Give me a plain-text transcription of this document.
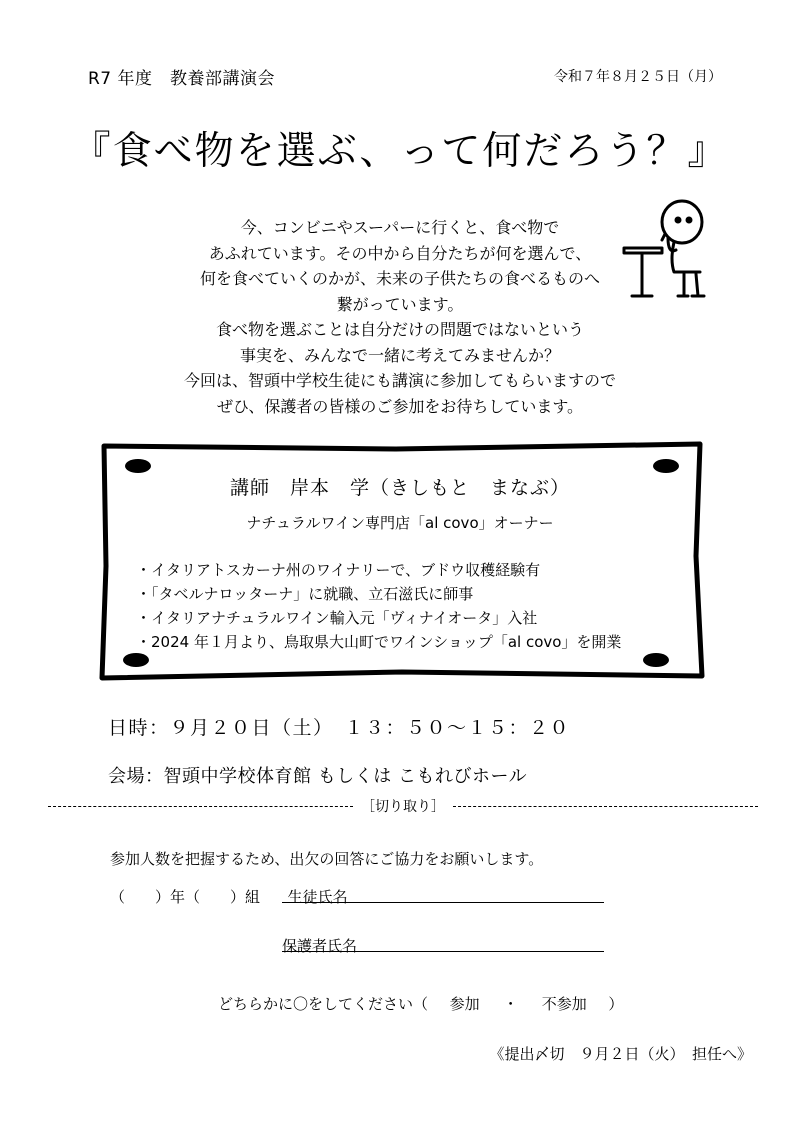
R7 年度　教養部講演会	令和７年８月２５日（月）
『食べ物を選ぶ、って何だろう？』
今、コンビニやスーパーに行くと、食べ物で
あふれています。その中から自分たちが何を選んで、
何を食べていくのかが、未来の子供たちの食べるものへ
繋がっています。
食べ物を選ぶことは自分だけの問題ではないという
事実を、みんなで一緒に考えてみませんか？
今回は、智頭中学校生徒にも講演に参加してもらいますので
ぜひ、保護者の皆様のご参加をお待ちしています。
講師　岸本　学（きしもと　まなぶ）
ナチュラルワイン専門店「al covo」オーナー
・イタリアトスカーナ州のワイナリーで、ブドウ収穫経験有
・「タベルナロッターナ」に就職、立石滋氏に師事
・イタリアナチュラルワイン輸入元「ヴィナイオータ」入社
・2024 年１月より、鳥取県大山町でワインショップ「al covo」を開業
日時：９月２０日（土）　１３：５０〜１５：２０
会場：智頭中学校体育館 もしくは こもれびホール
［切り取り］
参加人数を把握するため、出欠の回答にご協力をお願いします。
（　　）年（　　）組 生徒氏名
保護者氏名
どちらかに〇をしてください（ 参加 ・ 不参加 ）
《提出〆切　９月２日（火）　担任へ》
